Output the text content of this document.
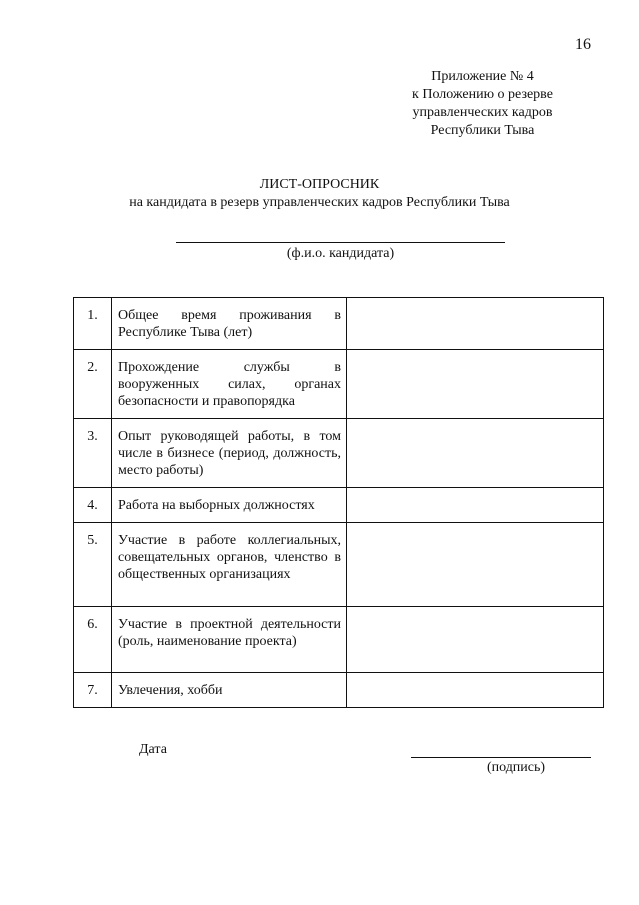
16
Приложение № 4
к Положению о резерве
управленческих кадров
Республики Тыва
ЛИСТ-ОПРОСНИК
на кандидата в резерв управленческих кадров Республики Тыва
(ф.и.о. кандидата)
1.	Общее время проживания в Республике Тыва (лет)	
2.	Прохождение службы в вооруженных силах, органах безопасности и правопорядка	
3.	Опыт руководящей работы, в том числе в бизнесе (период, должность, место работы)	
4.	Работа на выборных должностях	
5.	Участие в работе коллегиальных, совещательных органов, членство в общественных организациях	
6.	Участие в проектной деятельности (роль, наименование проекта)	
7.	Увлечения, хобби	
Дата
(подпись)
